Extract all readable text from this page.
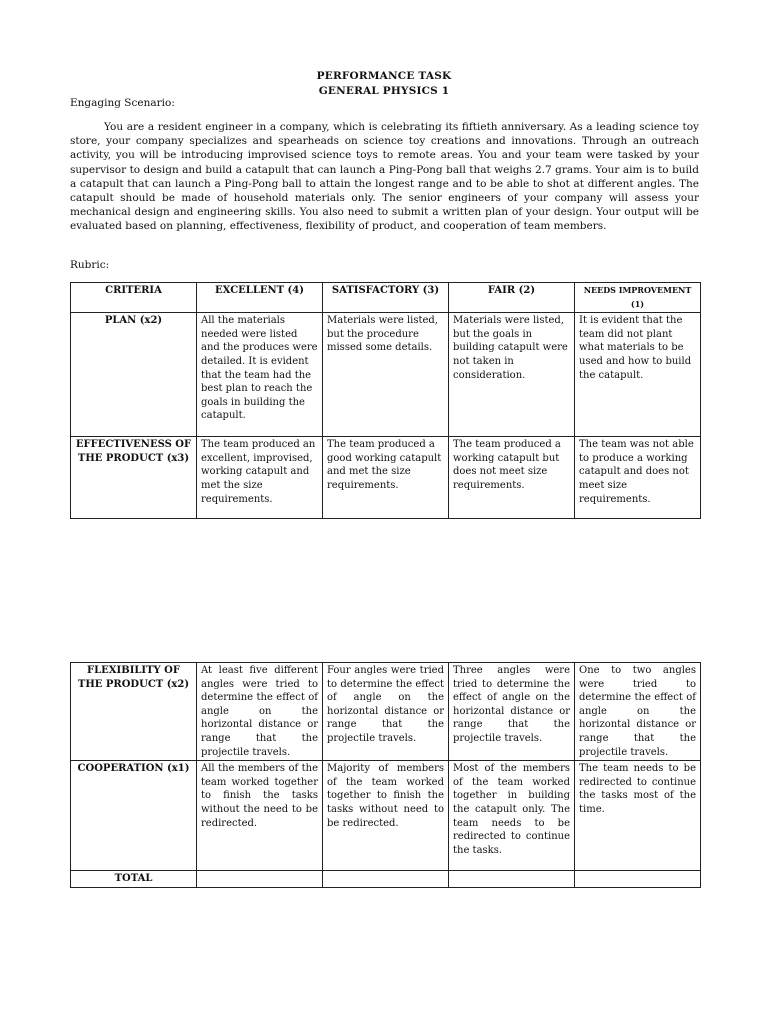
PERFORMANCE TASK
GENERAL PHYSICS 1
Engaging Scenario:

You are a resident engineer in a company, which is celebrating its fiftieth anniversary. As a leading science toy store, your company specializes and spearheads on science toy creations and innovations. Through an outreach activity, you will be introducing improvised science toys to remote areas. You and your team were tasked by your supervisor to design and build a catapult that can launch a Ping-Pong ball that weighs 2.7 grams. Your aim is to build a catapult that can launch a Ping-Pong ball to attain the longest range and to be able to shot at different angles. The catapult should be made of household materials only. The senior engineers of your company will assess your mechanical design and engineering skills. You also need to submit a written plan of your design. Your output will be evaluated based on planning, effectiveness, flexibility of product, and cooperation of team members.

Rubric:
CRITERIA	EXCELLENT (4)	SATISFACTORY (3)	FAIR (2)	NEEDS IMPROVEMENT (1)
PLAN (x2)	All the materials needed were listed and the produces were detailed. It is evident that the team had the best plan to reach the goals in building the catapult.	Materials were listed, but the procedure missed some details.	Materials were listed, but the goals in building catapult were not taken in consideration.	It is evident that the team did not plant what materials to be used and how to build the catapult.
EFFECTIVENESS OF THE PRODUCT (x3)	The team produced an excellent, improvised, working catapult and met the size requirements.	The team produced a good working catapult and met the size requirements.	The team produced a working catapult but does not meet size requirements.	The team was not able to produce a working catapult and does not meet size requirements.
FLEXIBILITY OF THE PRODUCT (x2)	At least five different angles were tried to determine the effect of angle on the horizontal distance or range that the projectile travels.	Four angles were tried to determine the effect of angle on the horizontal distance or range that the projectile travels.	Three angles were tried to determine the effect of angle on the horizontal distance or range that the projectile travels.	One to two angles were tried to determine the effect of angle on the horizontal distance or range that the projectile travels.
COOPERATION (x1)	All the members of the team worked together to finish the tasks without the need to be redirected.	Majority of members of the team worked together to finish the tasks without need to be redirected.	Most of the members of the team worked together in building the catapult only. The team needs to be redirected to continue the tasks.	The team needs to be redirected to continue the tasks most of the time.
TOTAL				
